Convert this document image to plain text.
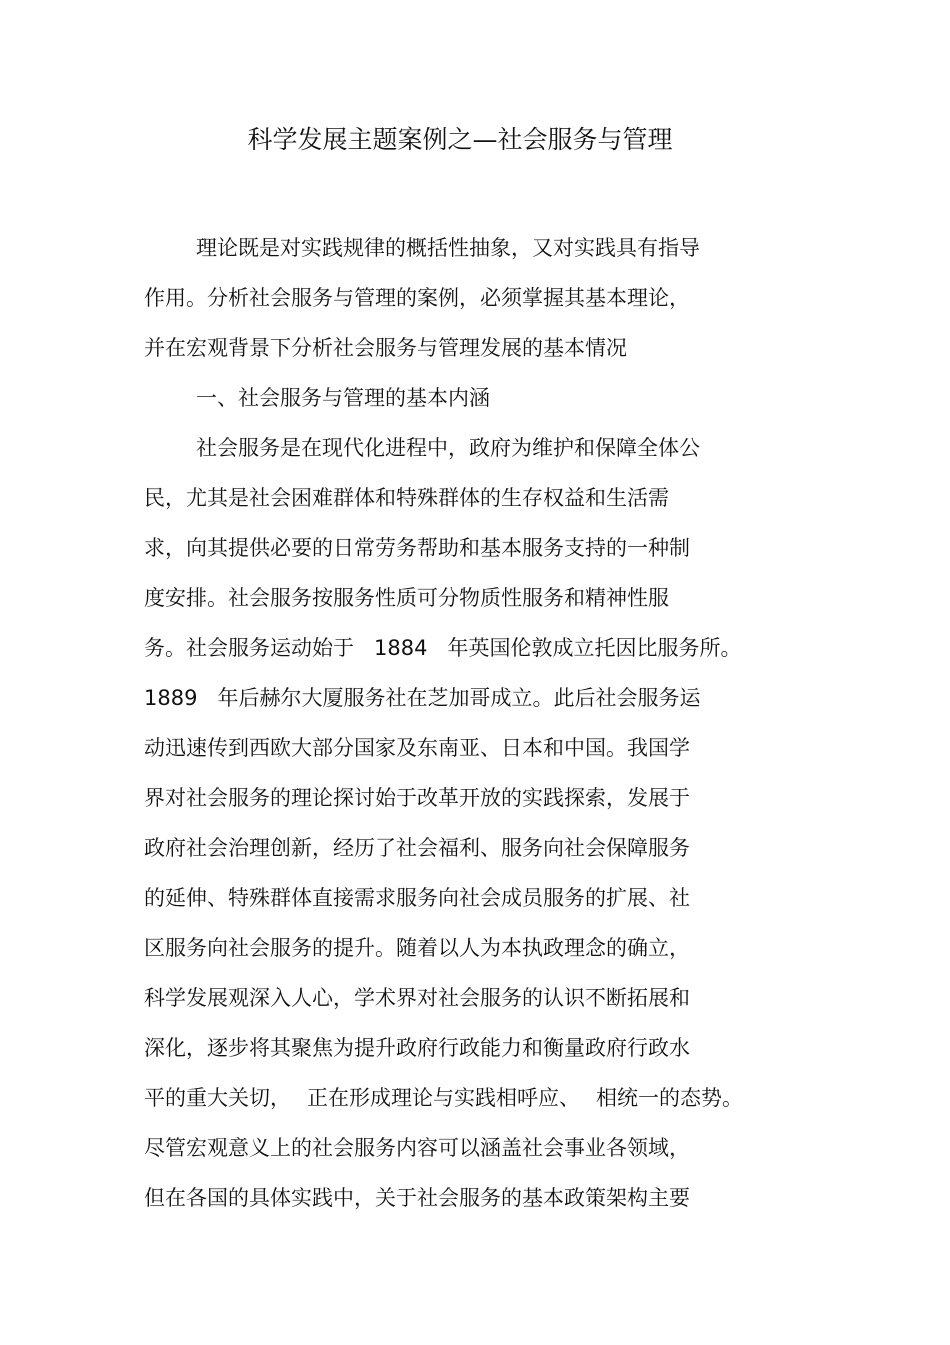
科学发展主题案例之—社会服务与管理
理论既是对实践规律的概括性抽象，又对实践具有指导
作用。分析社会服务与管理的案例，必须掌握其基本理论，
并在宏观背景下分析社会服务与管理发展的基本情况
一、社会服务与管理的基本内涵
社会服务是在现代化进程中，政府为维护和保障全体公
民，尤其是社会困难群体和特殊群体的生存权益和生活需
求，向其提供必要的日常劳务帮助和基本服务支持的一种制
度安排。社会服务按服务性质可分物质性服务和精神性服
务。社会服务运动始于 1884 年英国伦敦成立托因比服务所。
1889 年后赫尔大厦服务社在芝加哥成立。此后社会服务运
动迅速传到西欧大部分国家及东南亚、日本和中国。我国学
界对社会服务的理论探讨始于改革开放的实践探索，发展于
政府社会治理创新，经历了社会福利、服务向社会保障服务
的延伸、特殊群体直接需求服务向社会成员服务的扩展、社
区服务向社会服务的提升。随着以人为本执政理念的确立，
科学发展观深入人心，学术界对社会服务的认识不断拓展和
深化，逐步将其聚焦为提升政府行政能力和衡量政府行政水
平的重大关切， 正在形成理论与实践相呼应、 相统一的态势。
尽管宏观意义上的社会服务内容可以涵盖社会事业各领域，
但在各国的具体实践中，关于社会服务的基本政策架构主要
